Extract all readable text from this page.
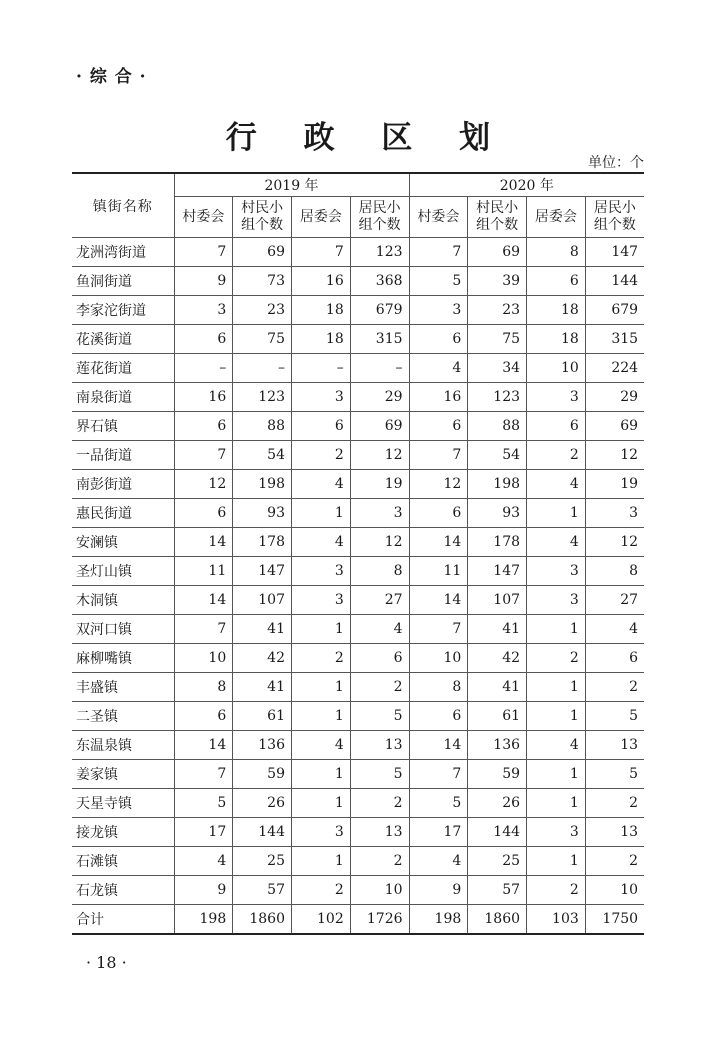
· 综 合 ·
行 政 区 划
单位：个
镇街名称	2019 年				2020 年			
	村委会	村民小
组个数	居委会	居民小
组个数	村委会	村民小
组个数	居委会	居民小
组个数
龙洲湾街道	7	69	7	123	7	69	8	147
鱼洞街道	9	73	16	368	5	39	6	144
李家沱街道	3	23	18	679	3	23	18	679
花溪街道	6	75	18	315	6	75	18	315
莲花街道	–	–	–	–	4	34	10	224
南泉街道	16	123	3	29	16	123	3	29
界石镇	6	88	6	69	6	88	6	69
一品街道	7	54	2	12	7	54	2	12
南彭街道	12	198	4	19	12	198	4	19
惠民街道	6	93	1	3	6	93	1	3
安澜镇	14	178	4	12	14	178	4	12
圣灯山镇	11	147	3	8	11	147	3	8
木洞镇	14	107	3	27	14	107	3	27
双河口镇	7	41	1	4	7	41	1	4
麻柳嘴镇	10	42	2	6	10	42	2	6
丰盛镇	8	41	1	2	8	41	1	2
二圣镇	6	61	1	5	6	61	1	5
东温泉镇	14	136	4	13	14	136	4	13
姜家镇	7	59	1	5	7	59	1	5
天星寺镇	5	26	1	2	5	26	1	2
接龙镇	17	144	3	13	17	144	3	13
石滩镇	4	25	1	2	4	25	1	2
石龙镇	9	57	2	10	9	57	2	10
合计	198	1860	102	1726	198	1860	103	1750
· 18 ·
